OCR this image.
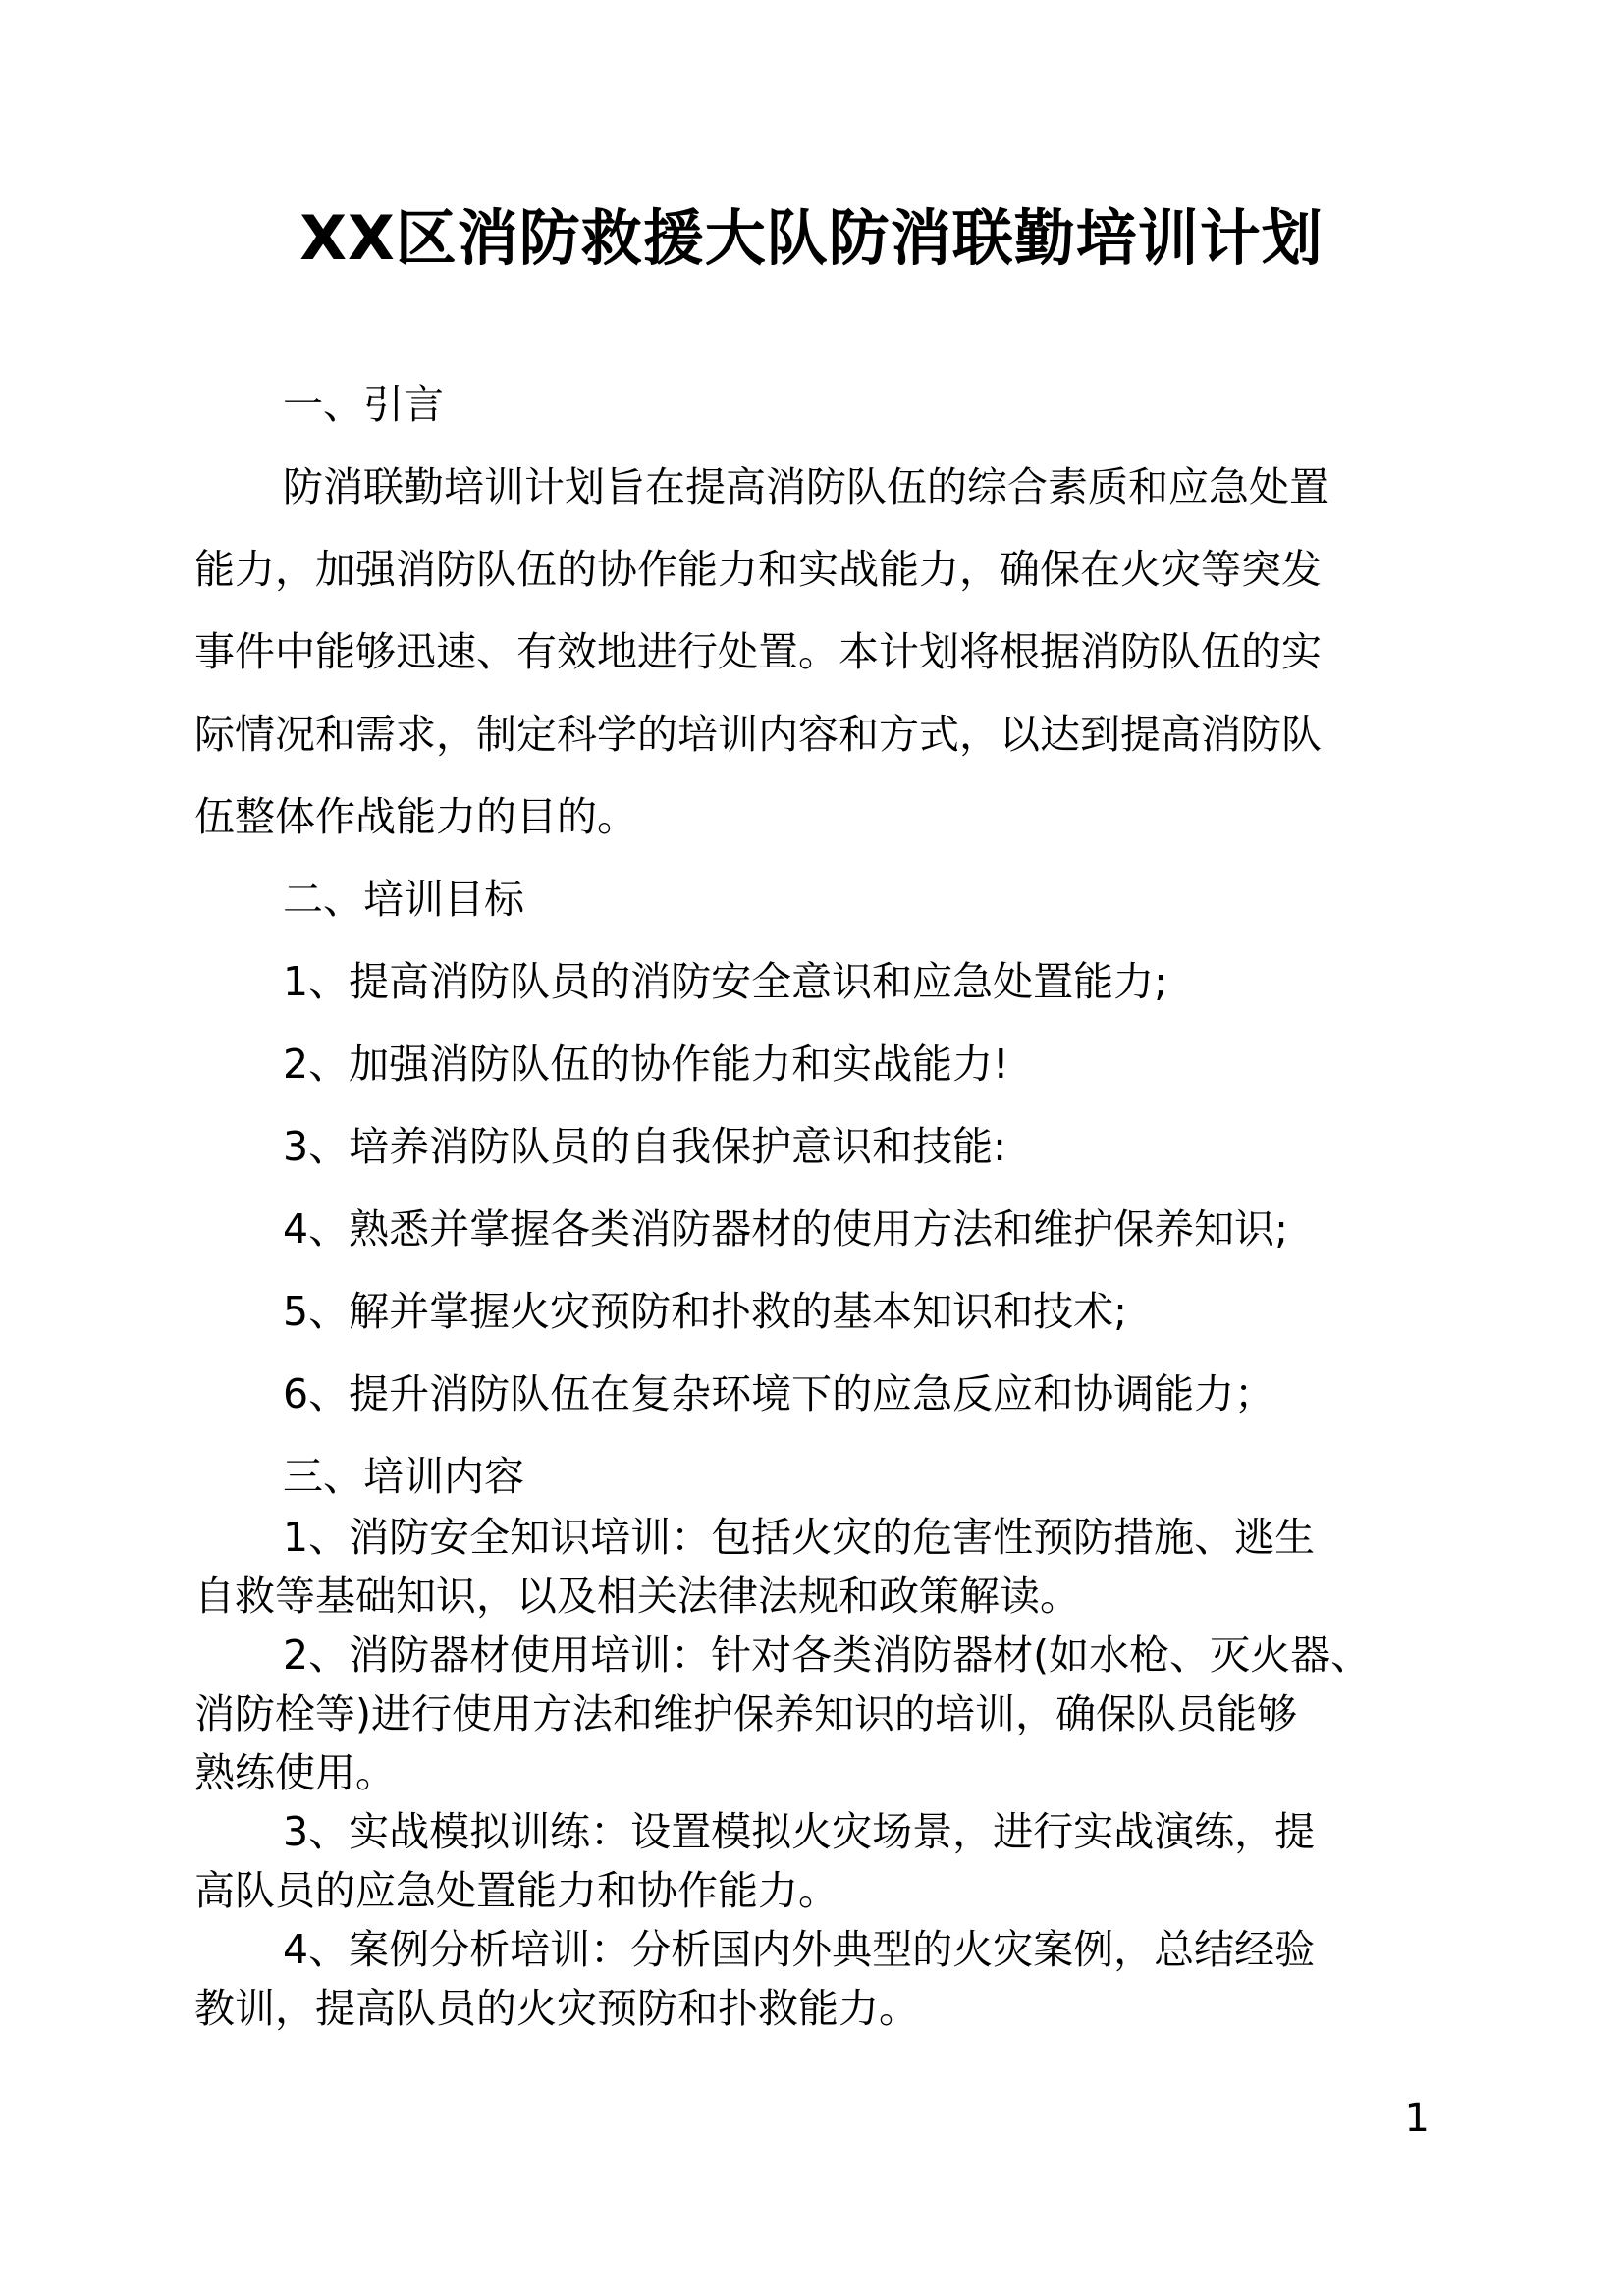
XX区消防救援大队防消联勤培训计划
一、引言
防消联勤培训计划旨在提高消防队伍的综合素质和应急处置
能力，加强消防队伍的协作能力和实战能力，确保在火灾等突发
事件中能够迅速、有效地进行处置。本计划将根据消防队伍的实
际情况和需求，制定科学的培训内容和方式，以达到提高消防队
伍整体作战能力的目的。
二、培训目标
1、提高消防队员的消防安全意识和应急处置能力;
2、加强消防队伍的协作能力和实战能力!
3、培养消防队员的自我保护意识和技能:
4、熟悉并掌握各类消防器材的使用方法和维护保养知识;
5、解并掌握火灾预防和扑救的基本知识和技术;
6、提升消防队伍在复杂环境下的应急反应和协调能力；
三、培训内容
1、消防安全知识培训：包括火灾的危害性预防措施、逃生
自救等基础知识，以及相关法律法规和政策解读。
2、消防器材使用培训：针对各类消防器材(如水枪、灭火器、
消防栓等)进行使用方法和维护保养知识的培训，确保队员能够
熟练使用。
3、实战模拟训练：设置模拟火灾场景，进行实战演练，提
高队员的应急处置能力和协作能力。
4、案例分析培训：分析国内外典型的火灾案例，总结经验
教训，提高队员的火灾预防和扑救能力。
1
